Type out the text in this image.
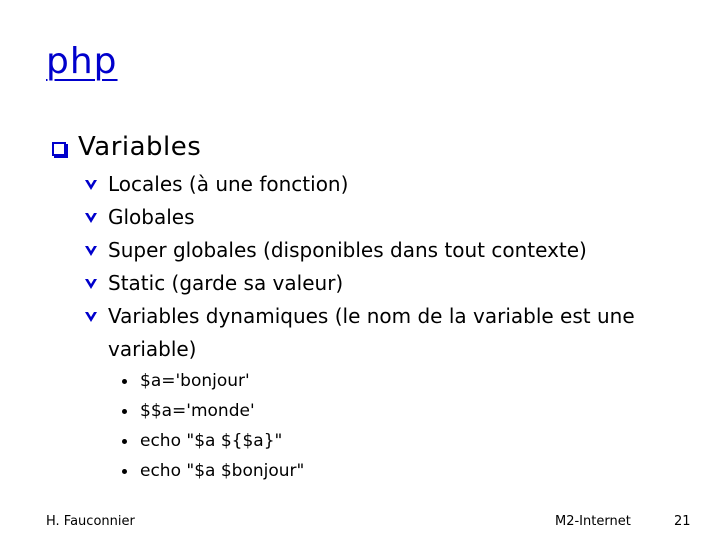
php
Variables
Locales (à une fonction)
Globales
Super globales (disponibles dans tout contexte)
Static (garde sa valeur)
Variables dynamiques (le nom de la variable est une variable)
$a='bonjour'
$$a='monde'
echo "$a ${$a}"
echo "$a $bonjour"
H. Fauconnier	M2-Internet	21
